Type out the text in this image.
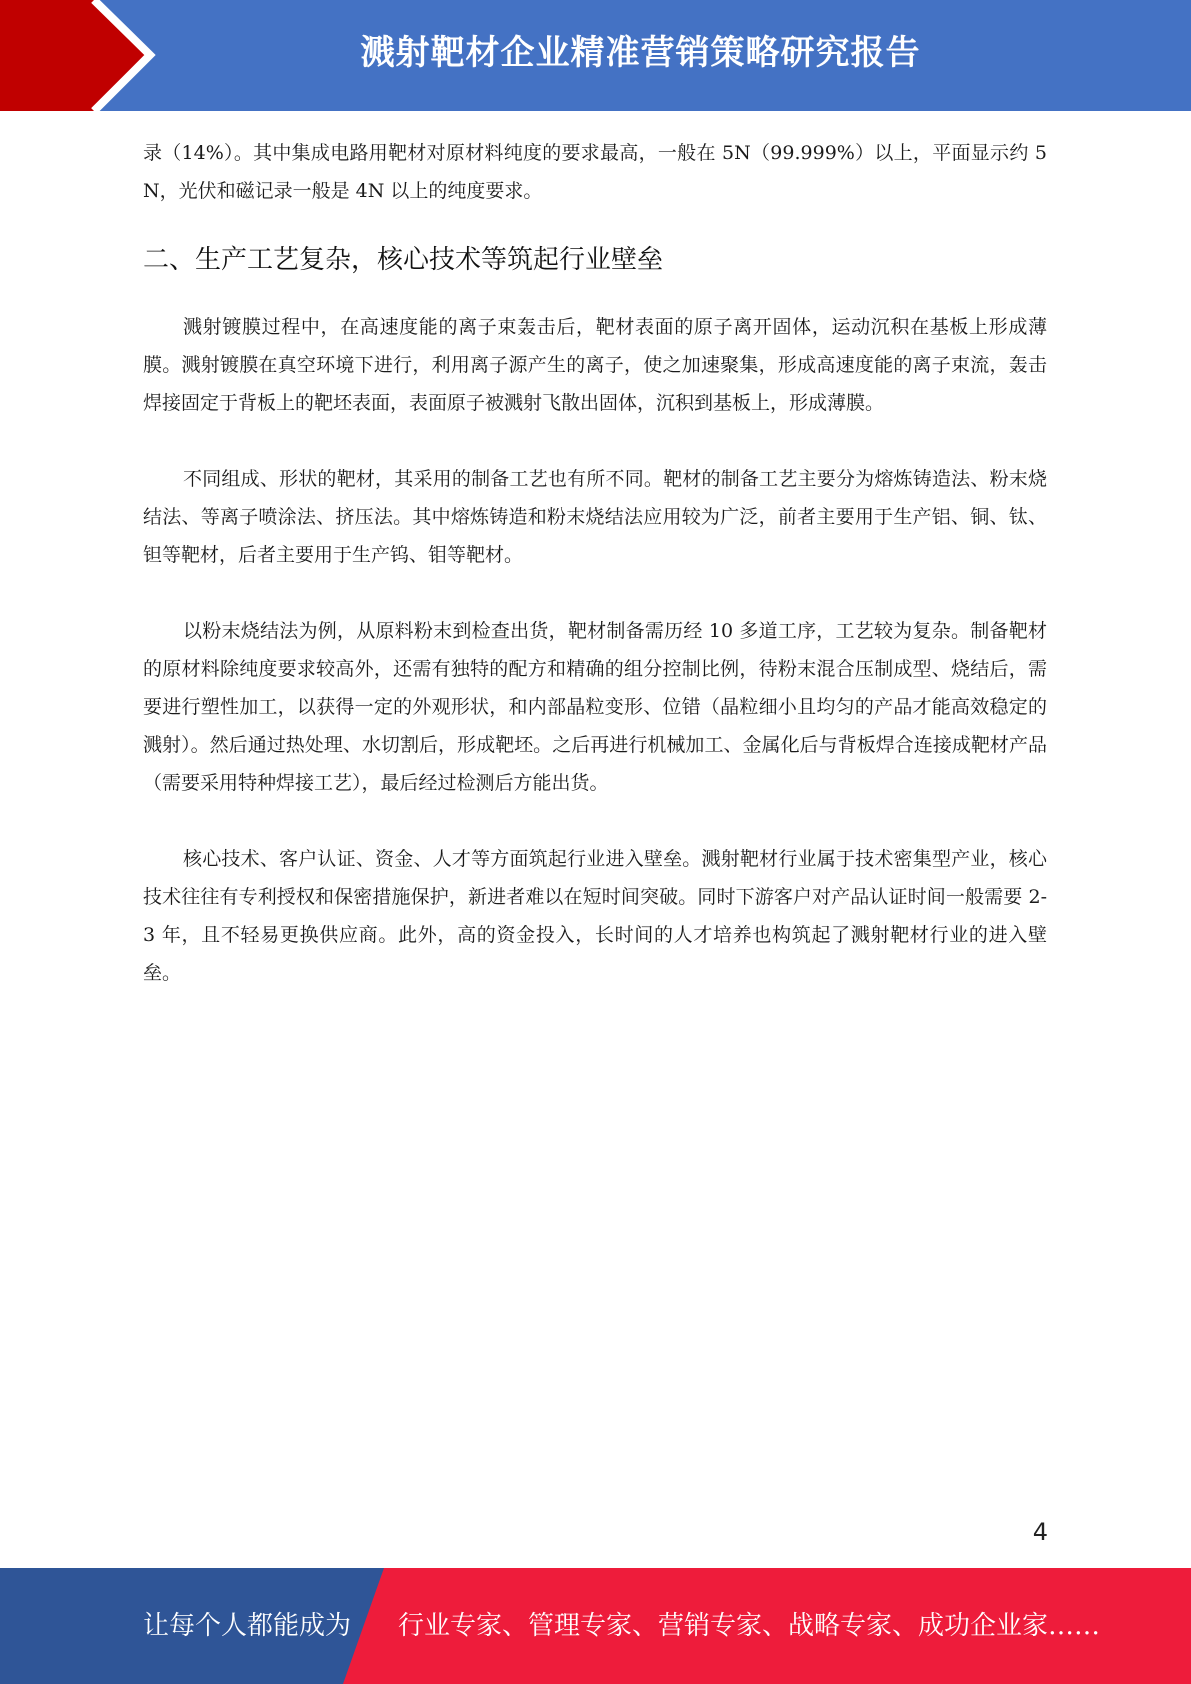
溅射靶材企业精准营销策略研究报告

录（14%）。其中集成电路用靶材对原材料纯度的要求最高，一般在 5N（99.999%）以上，平面显示约 5N，光伏和磁记录一般是 4N 以上的纯度要求。

二、生产工艺复杂，核心技术等筑起行业壁垒

溅射镀膜过程中，在高速度能的离子束轰击后，靶材表面的原子离开固体，运动沉积在基板上形成薄膜。溅射镀膜在真空环境下进行，利用离子源产生的离子，使之加速聚集，形成高速度能的离子束流，轰击焊接固定于背板上的靶坯表面，表面原子被溅射飞散出固体，沉积到基板上，形成薄膜。

不同组成、形状的靶材，其采用的制备工艺也有所不同。靶材的制备工艺主要分为熔炼铸造法、粉末烧结法、等离子喷涂法、挤压法。其中熔炼铸造和粉末烧结法应用较为广泛，前者主要用于生产铝、铜、钛、钽等靶材，后者主要用于生产钨、钼等靶材。

以粉末烧结法为例，从原料粉末到检查出货，靶材制备需历经 10 多道工序，工艺较为复杂。制备靶材的原材料除纯度要求较高外，还需有独特的配方和精确的组分控制比例，待粉末混合压制成型、烧结后，需要进行塑性加工，以获得一定的外观形状，和内部晶粒变形、位错（晶粒细小且均匀的产品才能高效稳定的溅射）。然后通过热处理、水切割后，形成靶坯。之后再进行机械加工、金属化后与背板焊合连接成靶材产品（需要采用特种焊接工艺），最后经过检测后方能出货。

核心技术、客户认证、资金、人才等方面筑起行业进入壁垒。溅射靶材行业属于技术密集型产业，核心技术往往有专利授权和保密措施保护，新进者难以在短时间突破。同时下游客户对产品认证时间一般需要 2-3 年，且不轻易更换供应商。此外，高的资金投入，长时间的人才培养也构筑起了溅射靶材行业的进入壁垒。

4
让每个人都能成为 行业专家、管理专家、营销专家、战略专家、成功企业家……
